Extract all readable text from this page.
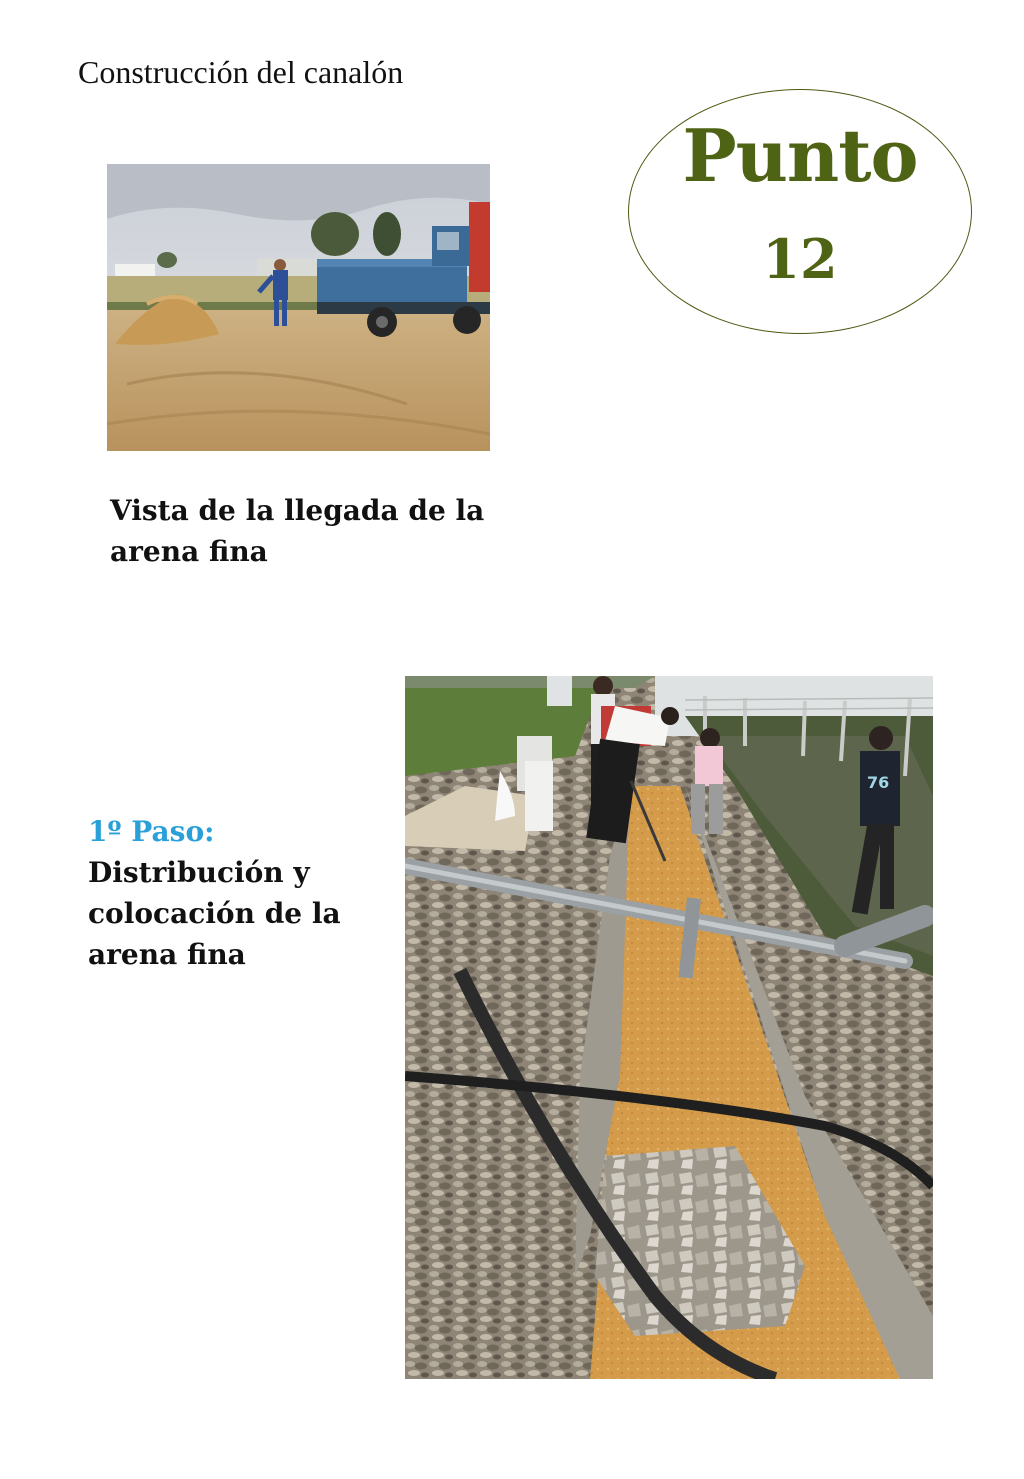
Construcción del canalón
Punto
12
Vista de la llegada de la
arena fina
1º Paso:
Distribución y
colocación de la
arena fina
76
